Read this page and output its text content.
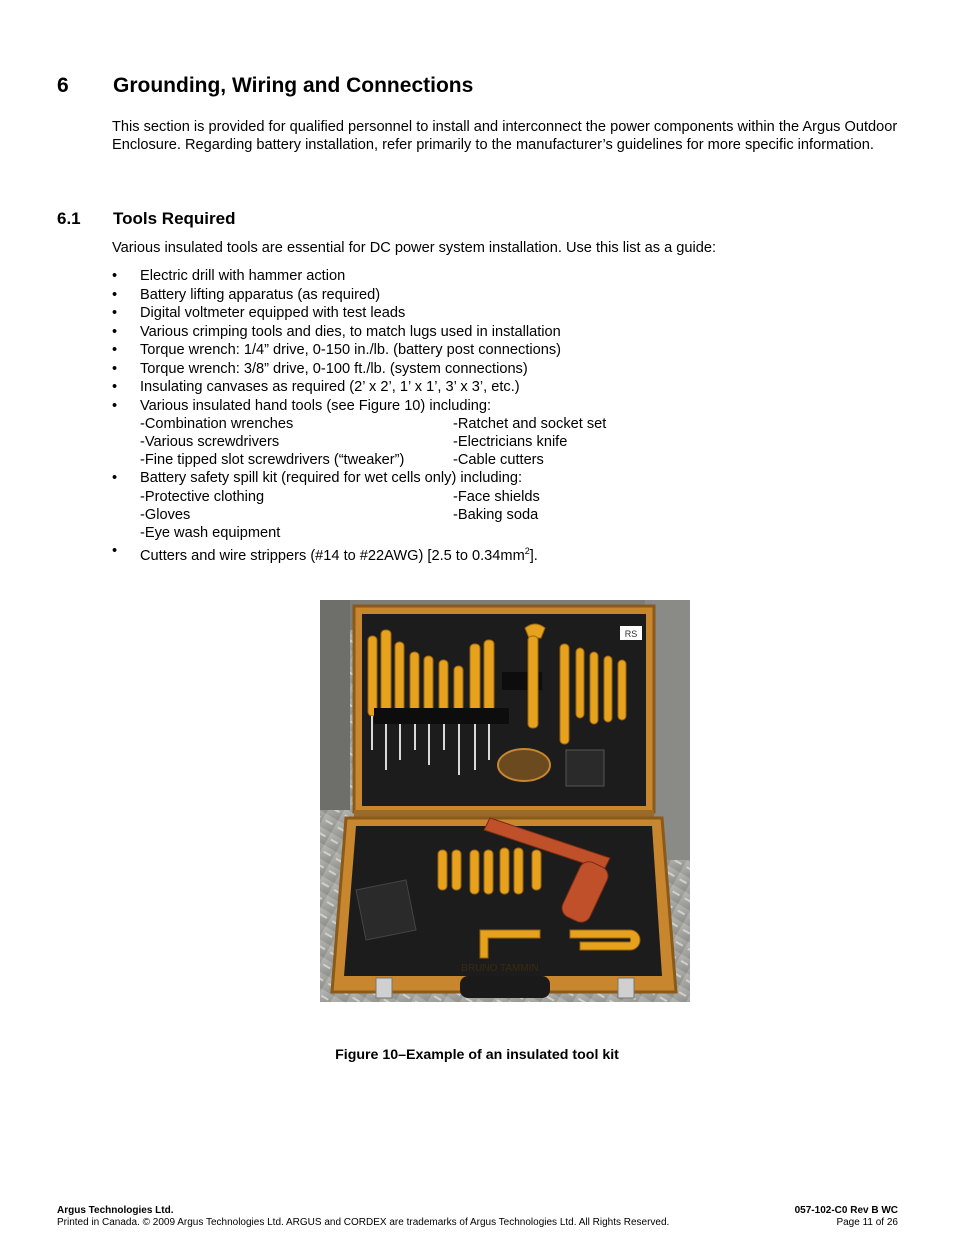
6 Grounding, Wiring and Connections

This section is provided for qualified personnel to install and interconnect the power components within the Argus Outdoor Enclosure. Regarding battery installation, refer primarily to the manufacturer’s guidelines for more specific information.

6.1 Tools Required

Various insulated tools are essential for DC power system installation. Use this list as a guide:

• Electric drill with hammer action
• Battery lifting apparatus (as required)
• Digital voltmeter equipped with test leads
• Various crimping tools and dies, to match lugs used in installation
• Torque wrench: 1/4” drive, 0-150 in./lb. (battery post connections)
• Torque wrench: 3/8” drive, 0-100 ft./lb. (system connections)
• Insulating canvases as required (2’ x 2’, 1’ x 1’, 3’ x 3’, etc.)
• Various insulated hand tools (see Figure 10) including:
-Combination wrenches	-Ratchet and socket set
-Various screwdrivers	-Electricians knife
-Fine tipped slot screwdrivers (“tweaker”)	-Cable cutters
• Battery safety spill kit (required for wet cells only) including:
-Protective clothing	-Face shields
-Gloves	-Baking soda
-Eye wash equipment
• Cutters and wire strippers (#14 to #22AWG) [2.5 to $0.34mm^2$].
RS
BRUNO TAMMIN

Figure 10–Example of an insulated tool kit

Argus Technologies Ltd.	057-102-C0 Rev B WC
Printed in Canada. © 2009 Argus Technologies Ltd. ARGUS and CORDEX are trademarks of Argus Technologies Ltd. All Rights Reserved.	Page 11 of 26
